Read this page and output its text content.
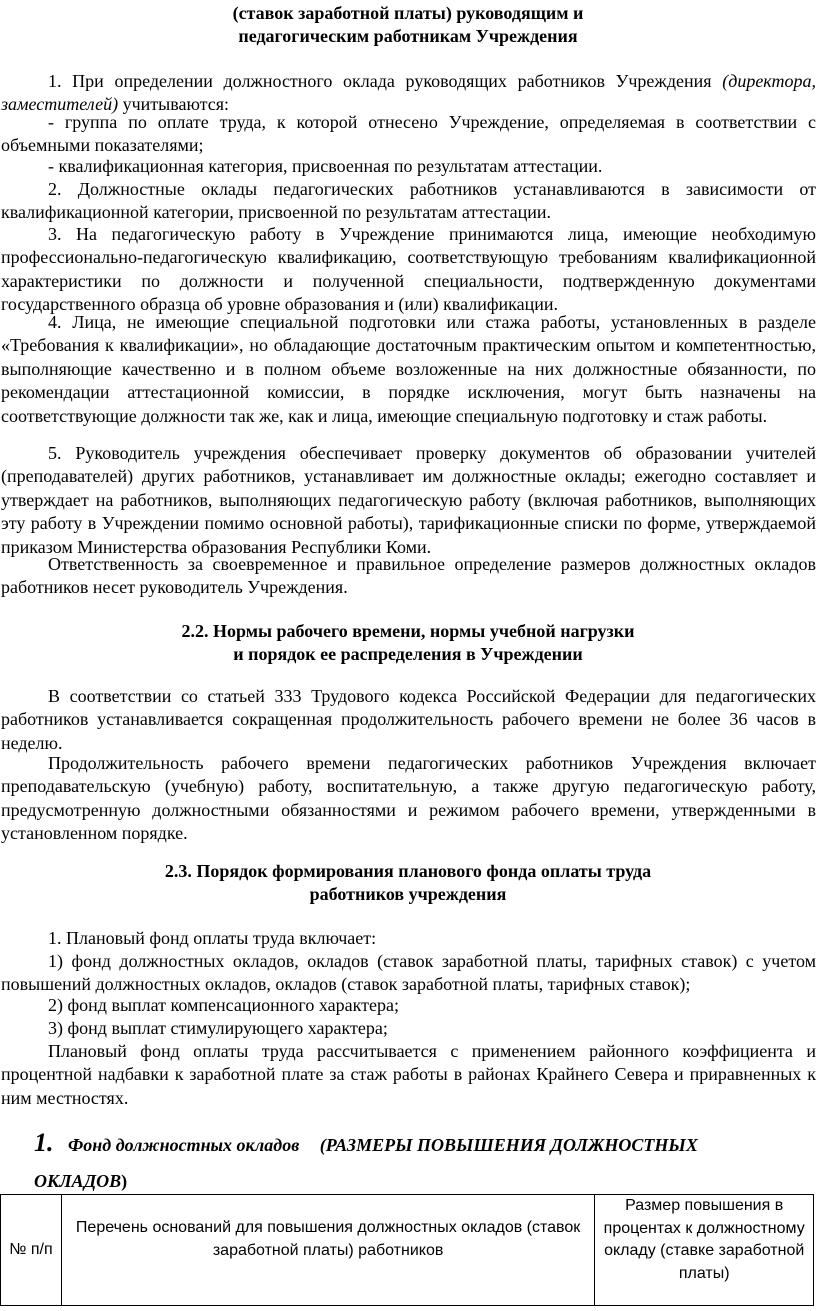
(ставок заработной платы) руководящим и
педагогическим работникам Учреждения

1. При определении должностного оклада руководящих работников Учреждения (директора, заместителей) учитываются:

- группа по оплате труда, к которой отнесено Учреждение, определяемая в соответствии с объемными показателями;

- квалификационная категория, присвоенная по результатам аттестации.

2. Должностные оклады педагогических работников устанавливаются в зависимости от квалификационной категории, присвоенной по результатам аттестации.

3. На педагогическую работу в Учреждение принимаются лица, имеющие необходимую профессионально-педагогическую квалификацию, соответствующую требованиям квалификационной характеристики по должности и полученной специальности, подтвержденную документами государственного образца об уровне образования и (или) квалификации.

4. Лица, не имеющие специальной подготовки или стажа работы, установленных в разделе «Требования к квалификации», но обладающие достаточным практическим опытом и компетентностью, выполняющие качественно и в полном объеме возложенные на них должностные обязанности, по рекомендации аттестационной комиссии, в порядке исключения, могут быть назначены на соответствующие должности так же, как и лица, имеющие специальную подготовку и стаж работы.

5. Руководитель учреждения обеспечивает проверку документов об образовании учителей (преподавателей) других работников, устанавливает им должностные оклады; ежегодно составляет и утверждает на работников, выполняющих педагогическую работу (включая работников, выполняющих эту работу в Учреждении помимо основной работы), тарификационные списки по форме, утверждаемой приказом Министерства образования Республики Коми.

Ответственность за своевременное и правильное определение размеров должностных окладов работников несет руководитель Учреждения.

2.2. Нормы рабочего времени, нормы учебной нагрузки
и порядок ее распределения в Учреждении

В соответствии со статьей 333 Трудового кодекса Российской Федерации для педагогических работников устанавливается сокращенная продолжительность рабочего времени не более 36 часов в неделю.

Продолжительность рабочего времени педагогических работников Учреждения включает преподавательскую (учебную) работу, воспитательную, а также другую педагогическую работу, предусмотренную должностными обязанностями и режимом рабочего времени, утвержденными в установленном порядке.

2.3. Порядок формирования планового фонда оплаты труда
работников учреждения

1. Плановый фонд оплаты труда включает:

1) фонд должностных окладов, окладов (ставок заработной платы, тарифных ставок) с учетом повышений должностных окладов, окладов (ставок заработной платы, тарифных ставок);

2) фонд выплат компенсационного характера;

3) фонд выплат стимулирующего характера;

Плановый фонд оплаты труда рассчитывается с применением районного коэффициента и процентной надбавки к заработной плате за стаж работы в районах Крайнего Севера и приравненных к ним местностях.

1. Фонд должностных окладов (РАЗМЕРЫ ПОВЫШЕНИЯ ДОЛЖНОСТНЫХ
ОКЛАДОВ)
№ п/п	Перечень оснований для повышения должностных окладов (ставок заработной платы) работников	Размер повышения в процентах к должностному окладу (ставке заработной платы)
